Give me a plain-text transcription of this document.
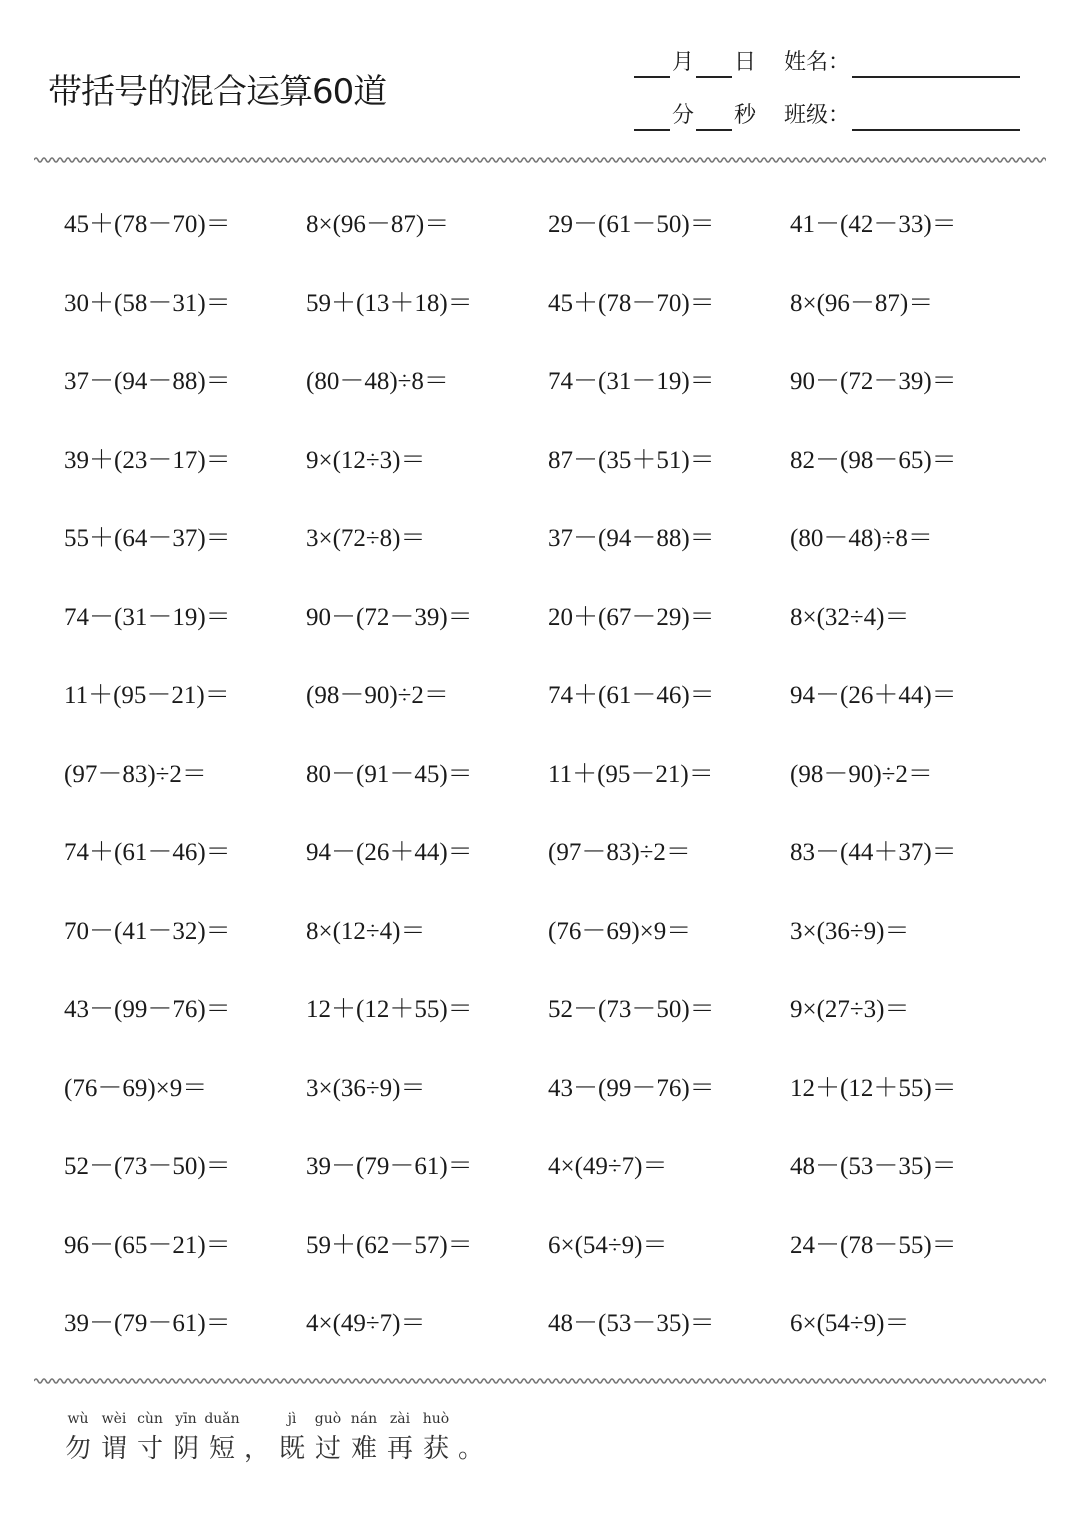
带括号的混合运算60道
月 日 姓名：
分 秒 班级：
45＋(78－70)＝	8×(96－87)＝	29－(61－50)＝	41－(42－33)＝
30＋(58－31)＝	59＋(13＋18)＝	45＋(78－70)＝	8×(96－87)＝
37－(94－88)＝	(80－48)÷8＝	74－(31－19)＝	90－(72－39)＝
39＋(23－17)＝	9×(12÷3)＝	87－(35＋51)＝	82－(98－65)＝
55＋(64－37)＝	3×(72÷8)＝	37－(94－88)＝	(80－48)÷8＝
74－(31－19)＝	90－(72－39)＝	20＋(67－29)＝	8×(32÷4)＝
11＋(95－21)＝	(98－90)÷2＝	74＋(61－46)＝	94－(26＋44)＝
(97－83)÷2＝	80－(91－45)＝	11＋(95－21)＝	(98－90)÷2＝
74＋(61－46)＝	94－(26＋44)＝	(97－83)÷2＝	83－(44＋37)＝
70－(41－32)＝	8×(12÷4)＝	(76－69)×9＝	3×(36÷9)＝
43－(99－76)＝	12＋(12＋55)＝	52－(73－50)＝	9×(27÷3)＝
(76－69)×9＝	3×(36÷9)＝	43－(99－76)＝	12＋(12＋55)＝
52－(73－50)＝	39－(79－61)＝	4×(49÷7)＝	48－(53－35)＝
96－(65－21)＝	59＋(62－57)＝	6×(54÷9)＝	24－(78－55)＝
39－(79－61)＝	4×(49÷7)＝	48－(53－35)＝	6×(54÷9)＝
wù wèi cùn yīn duǎn	jì	guò nán zài huò
勿 谓 寸 阴 短 ， 既 过 难 再 获 。
